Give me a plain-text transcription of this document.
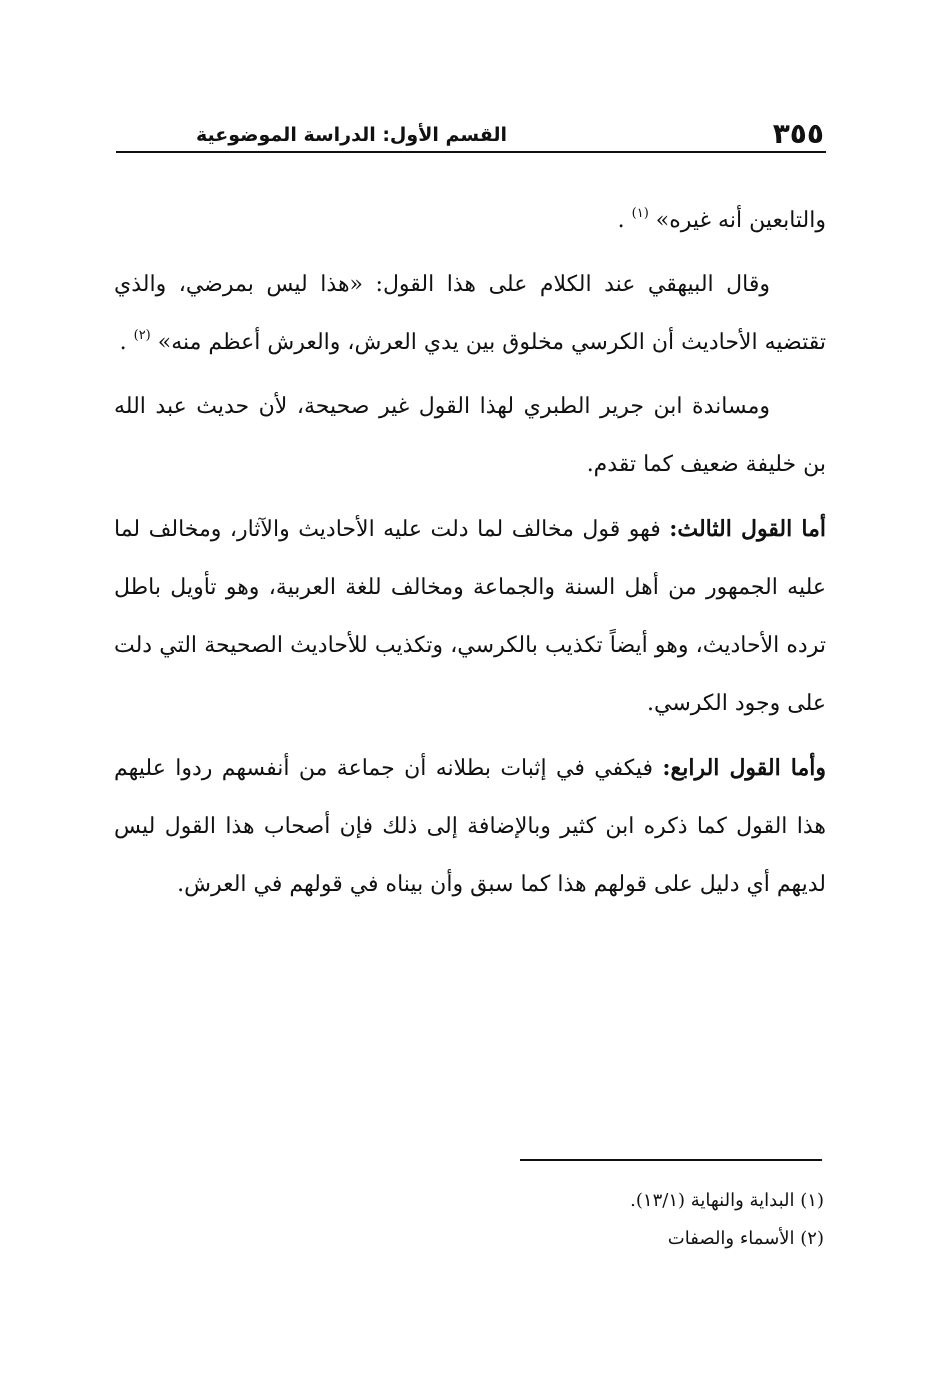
٣٥٥
القسم الأول: الدراسة الموضوعية

والتابعين أنه غيره» $^{(١)}$ .

وقال البيهقي عند الكلام على هذا القول: «هذا ليس بمرضي، والذي تقتضيه الأحاديث أن الكرسي مخلوق بين يدي العرش، والعرش أعظم منه» $^{(٢)}$ .

ومساندة ابن جرير الطبري لهذا القول غير صحيحة، لأن حديث عبد الله بن خليفة ضعيف كما تقدم.

أما القول الثالث: فهو قول مخالف لما دلت عليه الأحاديث والآثار، ومخالف لما عليه الجمهور من أهل السنة والجماعة ومخالف للغة العربية، وهو تأويل باطل ترده الأحاديث، وهو أيضاً تكذيب بالكرسي، وتكذيب للأحاديث الصحيحة التي دلت على وجود الكرسي.

وأما القول الرابع: فيكفي في إثبات بطلانه أن جماعة من أنفسهم ردوا عليهم هذا القول كما ذكره ابن كثير وبالإضافة إلى ذلك فإن أصحاب هذا القول ليس لديهم أي دليل على قولهم هذا كما سبق وأن بيناه في قولهم في العرش.

(١) البداية والنهاية (١٣/١).

(٢) الأسماء والصفات
